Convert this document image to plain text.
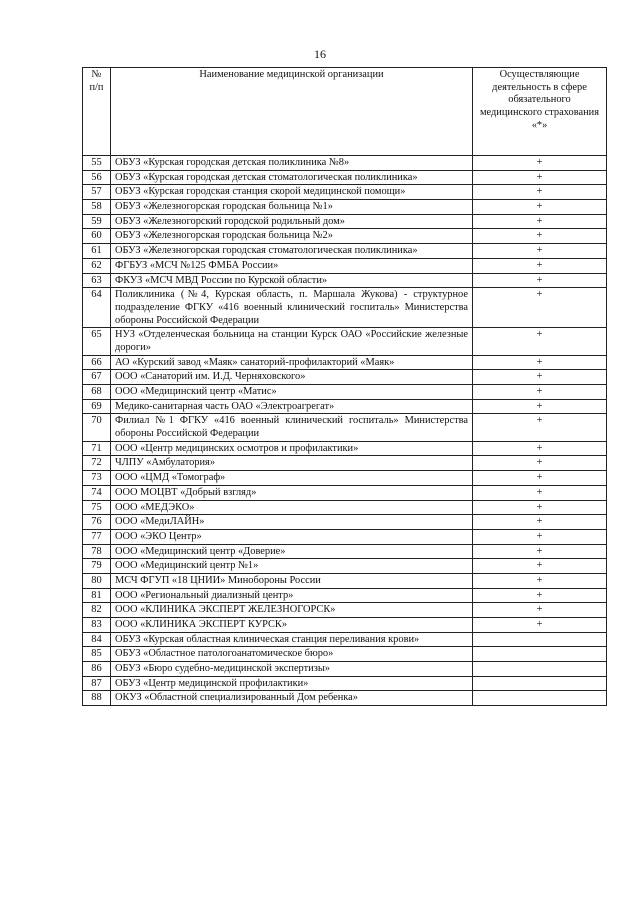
16
№ п/п	Наименование медицинской организации	Осуществляющие деятельность в сфере обязательного медицинского страхования «*»
55	ОБУЗ «Курская городская детская поликлиника №8»	+
56	ОБУЗ «Курская городская детская стоматологическая поликлиника»	+
57	ОБУЗ «Курская городская станция скорой медицинской помощи»	+
58	ОБУЗ «Железногорская городская больница №1»	+
59	ОБУЗ «Железногорский городской родильный дом»	+
60	ОБУЗ «Железногорская городская больница №2»	+
61	ОБУЗ «Железногорская городская стоматологическая поликлиника»	+
62	ФГБУЗ «МСЧ №125 ФМБА России»	+
63	ФКУЗ «МСЧ МВД России по Курской области»	+
64	Поликлиника (№4, Курская область, п. Маршала Жукова) - структурное подразделение ФГКУ «416 военный клинический госпиталь» Министерства обороны Российской Федерации	+
65	НУЗ «Отделенческая больница на станции Курск ОАО «Российские железные дороги»	+
66	АО «Курский завод «Маяк» санаторий-профилакторий «Маяк»	+
67	ООО «Санаторий им. И.Д. Черняховского»	+
68	ООО «Медицинский центр «Матис»	+
69	Медико-санитарная часть ОАО «Электроагрегат»	+
70	Филиал №1 ФГКУ «416 военный клинический госпиталь» Министерства обороны Российской Федерации	+
71	ООО «Центр медицинских осмотров и профилактики»	+
72	ЧЛПУ «Амбулатория»	+
73	ООО «ЦМД «Томограф»	+
74	ООО МОЦВТ «Добрый взгляд»	+
75	ООО «МЕДЭКО»	+
76	ООО «МедиЛАЙН»	+
77	ООО «ЭКО Центр»	+
78	ООО «Медицинский центр «Доверие»	+
79	ООО «Медицинский центр №1»	+
80	МСЧ ФГУП «18 ЦНИИ» Минобороны России	+
81	ООО «Региональный диализный центр»	+
82	ООО «КЛИНИКА ЭКСПЕРТ ЖЕЛЕЗНОГОРСК»	+
83	ООО «КЛИНИКА ЭКСПЕРТ КУРСК»	+
84	ОБУЗ «Курская областная клиническая станция переливания крови»	
85	ОБУЗ «Областное патологоанатомическое бюро»	
86	ОБУЗ «Бюро судебно-медицинской экспертизы»	
87	ОБУЗ «Центр медицинской профилактики»	
88	ОКУЗ «Областной специализированный Дом ребенка»	
